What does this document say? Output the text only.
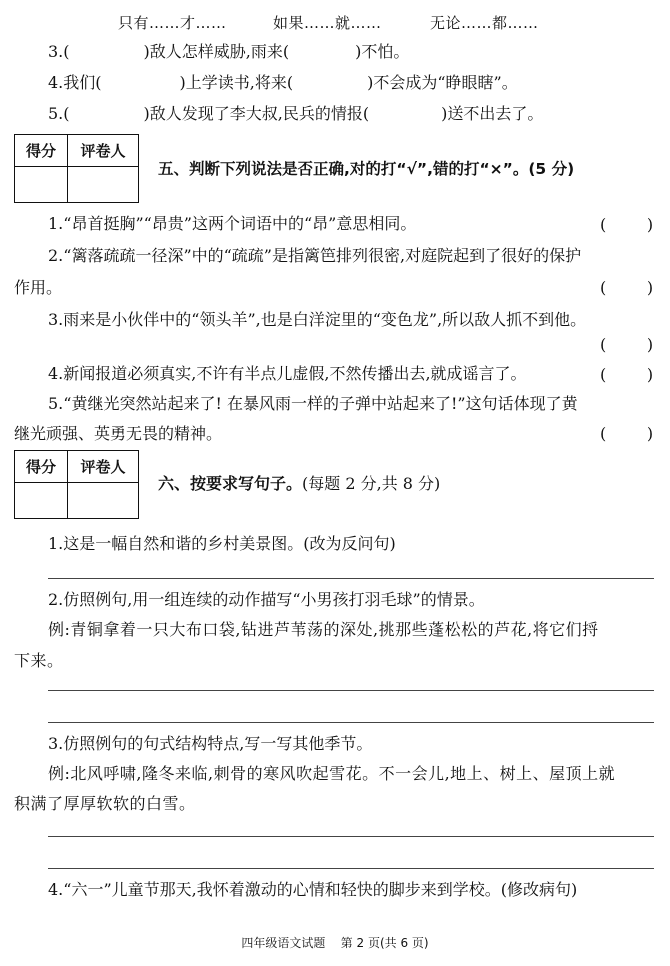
只有……才……	如果……就……	无论……都……
3.(	)敌人怎样威胁,雨来(	)不怕。
4.我们(	)上学读书,将来(	)不会成为“睁眼瞎”。
5.(	)敌人发现了李大叔,民兵的情报(	)送不出去了。
得分	评卷人

五、判断下列说法是否正确,对的打“√”,错的打“×”。(5 分)
1.“昂首挺胸”“昂贵”这两个词语中的“昂”意思相同。	(        )
2.“篱落疏疏一径深”中的“疏疏”是指篱笆排列很密,对庭院起到了很好的保护
作用。	(        )
3.雨来是小伙伴中的“领头羊”,也是白洋淀里的“变色龙”,所以敌人抓不到他。
(        )
4.新闻报道必须真实,不许有半点儿虚假,不然传播出去,就成谣言了。	(        )
5.“黄继光突然站起来了! 在暴风雨一样的子弹中站起来了!”这句话体现了黄
继光顽强、英勇无畏的精神。	(        )
得分	评卷人

六、按要求写句子。(每题 2 分,共 8 分)
1.这是一幅自然和谐的乡村美景图。(改为反问句)
2.仿照例句,用一组连续的动作描写“小男孩打羽毛球”的情景。
例:青铜拿着一只大布口袋,钻进芦苇荡的深处,挑那些蓬松松的芦花,将它们捋
下来。
3.仿照例句的句式结构特点,写一写其他季节。
例:北风呼啸,隆冬来临,刺骨的寒风吹起雪花。不一会儿,地上、树上、屋顶上就
积满了厚厚软软的白雪。
4.“六一”儿童节那天,我怀着激动的心情和轻快的脚步来到学校。(修改病句)
四年级语文试题    第 2 页(共 6 页)
